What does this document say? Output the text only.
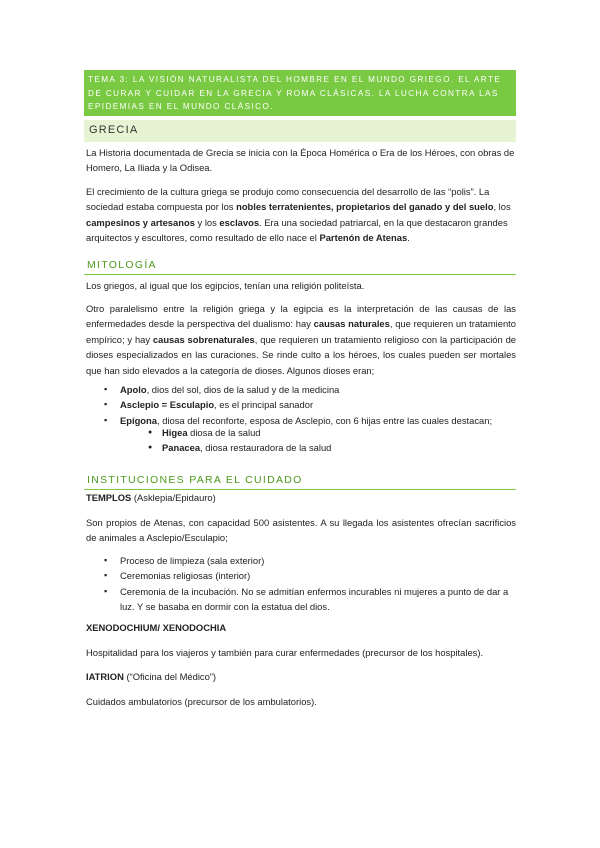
TEMA 3: LA VISIÓN NATURALISTA DEL HOMBRE EN EL MUNDO GRIEGO. EL ARTE DE CURAR Y CUIDAR EN LA GRECIA Y ROMA CLÁSICAS. LA LUCHA CONTRA LAS EPIDEMIAS EN EL MUNDO CLÁSICO.
GRECIA

La Historia documentada de Grecia se inicia con la Época Homérica o Era de los Héroes, con obras de Homero, La Iliada y la Odisea.

El crecimiento de la cultura griega se produjo como consecuencia del desarrollo de las “polis”. La sociedad estaba compuesta por los nobles terratenientes, propietarios del ganado y del suelo, los campesinos y artesanos y los esclavos. Era una sociedad patriarcal, en la que destacaron grandes arquitectos y escultores, como resultado de ello nace el Partenón de Atenas.

MITOLOGÍA

Los griegos, al igual que los egipcios, tenían una religión politeísta.

Otro paralelismo entre la religión griega y la egipcia es la interpretación de las causas de las enfermedades desde la perspectiva del dualismo: hay causas naturales, que requieren un tratamiento empírico; y hay causas sobrenaturales, que requieren un tratamiento religioso con la participación de dioses especializados en las curaciones. Se rinde culto a los héroes, los cuales pueden ser mortales que han sido elevados a la categoría de dioses. Algunos dioses eran;

▪ Apolo, dios del sol, dios de la salud y de la medicina
▪ Asclepio = Esculapio, es el principal sanador
▪ Epígona, diosa del reconforte, esposa de Asclepio, con 6 hijas entre las cuales destacan;
● Higea diosa de la salud
● Panacea, diosa restauradora de la salud
INSTITUCIONES PARA EL CUIDADO

TEMPLOS (Asklepia/Epidauro)

Son propios de Atenas, con capacidad 500 asistentes. A su llegada los asistentes ofrecían sacrificios de animales a Asclepio/Esculapio;

▪ Proceso de limpieza (sala exterior)
▪ Ceremonias religiosas (interior)
▪ Ceremonia de la incubación. No se admitían enfermos incurables ni mujeres a punto de dar a luz. Y se basaba en dormir con la estatua del dios.

XENODOCHIUM/ XENODOCHIA

Hospitalidad para los viajeros y también para curar enfermedades (precursor de los hospitales).

IATRION (“Oficina del Médico”)

Cuidados ambulatorios (precursor de los ambulatorios).
